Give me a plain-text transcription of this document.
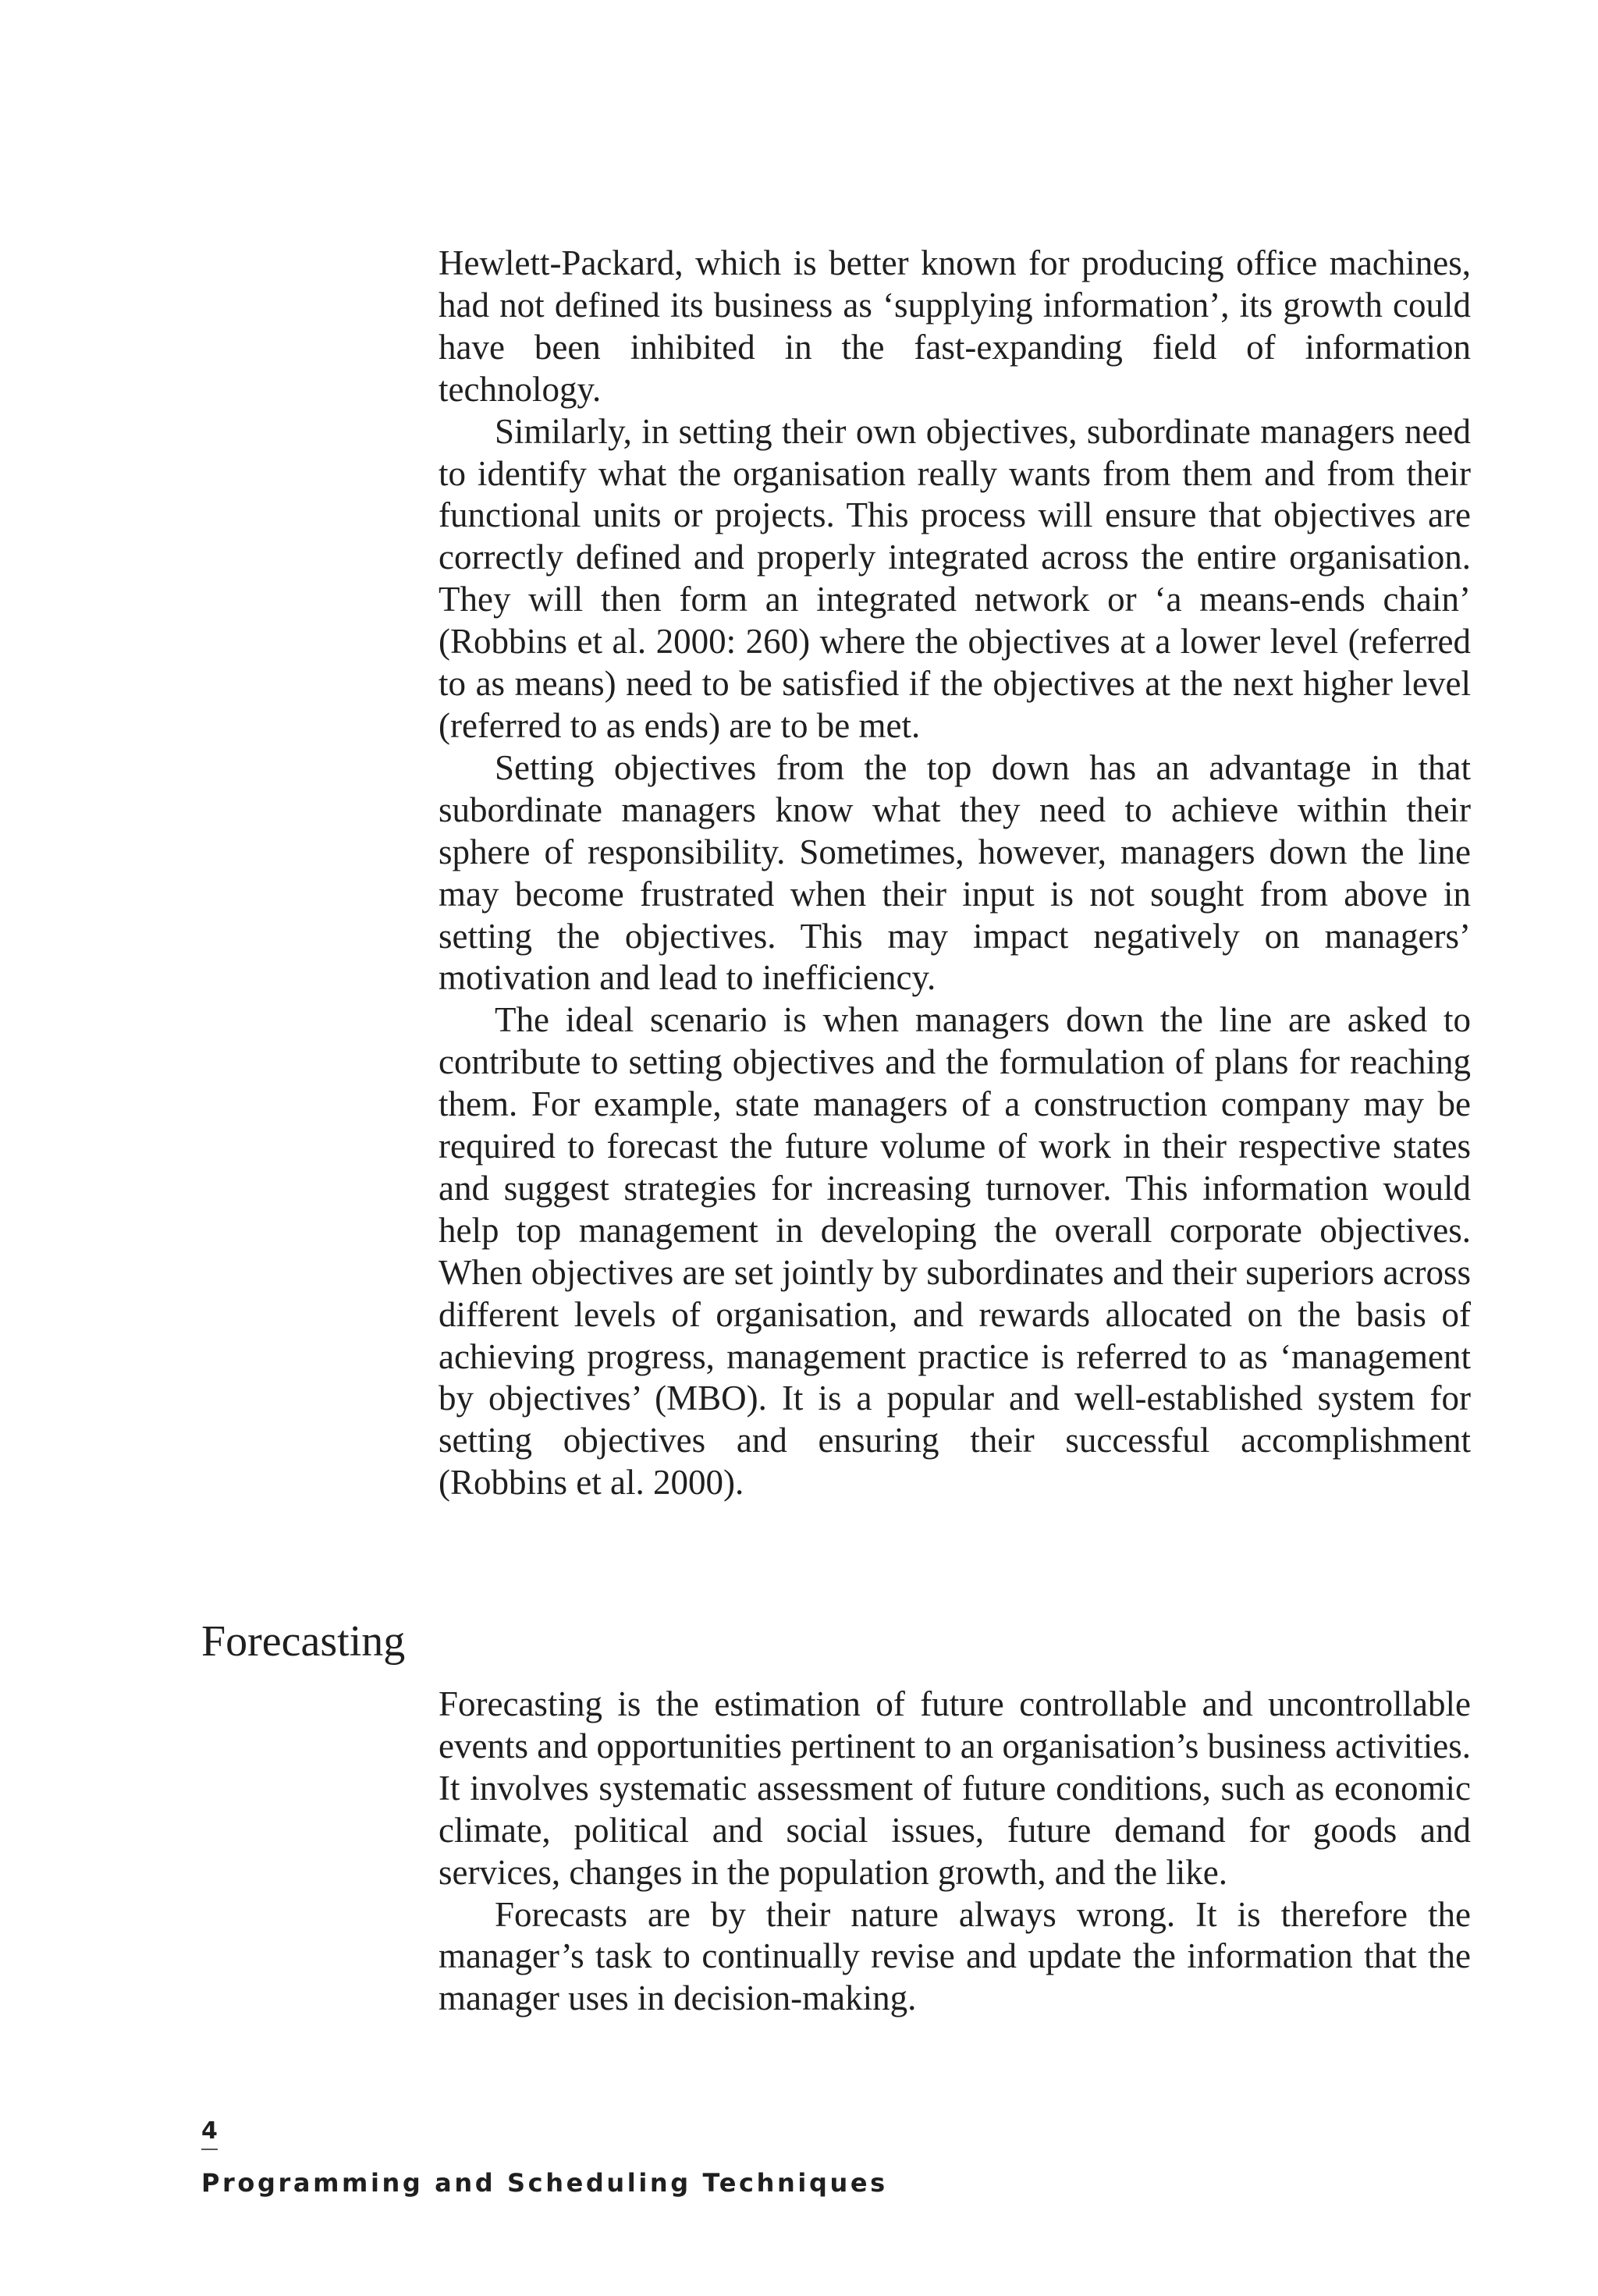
Hewlett-Packard, which is better known for producing office machines, had not defined its business as ‘supplying information’, its growth could have been inhibited in the fast-expanding field of information technology.

Similarly, in setting their own objectives, subordinate managers need to identify what the organisation really wants from them and from their functional units or projects. This process will ensure that objectives are correctly defined and properly integrated across the entire organisation. They will then form an integrated network or ‘a means-ends chain’ (Robbins et al. 2000: 260) where the objectives at a lower level (referred to as means) need to be satisfied if the objectives at the next higher level (referred to as ends) are to be met.

Setting objectives from the top down has an advantage in that subordinate managers know what they need to achieve within their sphere of responsibility. Sometimes, however, managers down the line may become frustrated when their input is not sought from above in setting the objectives. This may impact negatively on managers’ motivation and lead to inefficiency.

The ideal scenario is when managers down the line are asked to contribute to setting objectives and the formulation of plans for reaching them. For example, state managers of a construction company may be required to forecast the future volume of work in their respective states and suggest strategies for increasing turnover. This information would help top management in developing the overall corporate objectives. When objectives are set jointly by subordinates and their superiors across different levels of organisation, and rewards allocated on the basis of achieving progress, management practice is referred to as ‘management by objectives’ (MBO). It is a popular and well-established system for setting objectives and ensuring their successful accomplishment (Robbins et al. 2000).

Forecasting

Forecasting is the estimation of future controllable and uncontrollable events and opportunities pertinent to an organisation’s business activities. It involves systematic assessment of future conditions, such as economic climate, political and social issues, future demand for goods and services, changes in the population growth, and the like.

Forecasts are by their nature always wrong. It is therefore the manager’s task to continually revise and update the information that the manager uses in decision-making.

4
Programming and Scheduling Techniques
